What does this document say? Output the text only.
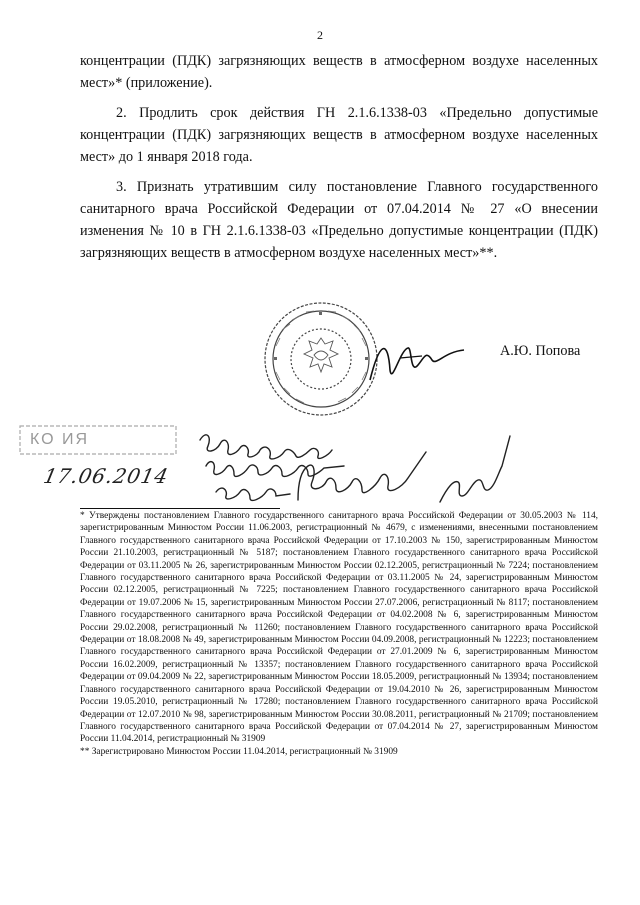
2

концентрации (ПДК) загрязняющих веществ в атмосферном воздухе населенных мест»* (приложение).

2. Продлить срок действия ГН 2.1.6.1338-03 «Предельно допустимые концентрации (ПДК) загрязняющих веществ в атмосферном воздухе населенных мест» до 1 января 2018 года.

3. Признать утратившим силу постановление Главного государственного санитарного врача Российской Федерации от 07.04.2014 № 27 «О внесении изменения № 10 в ГН 2.1.6.1338-03 «Предельно допустимые концентрации (ПДК) загрязняющих веществ в атмосферном воздухе населенных мест»**.

А.Ю. Попова
КО ИЯ
17.06.2014

* Утверждены постановлением Главного государственного санитарного врача Российской Федерации от 30.05.2003 № 114, зарегистрированным Минюстом России 11.06.2003, регистрационный № 4679, с изменениями, внесенными постановлением Главного государственного санитарного врача Российской Федерации от 17.10.2003 № 150, зарегистрированным Минюстом России 21.10.2003, регистрационный № 5187; постановлением Главного государственного санитарного врача Российской Федерации от 03.11.2005 № 26, зарегистрированным Минюстом России 02.12.2005, регистрационный № 7224; постановлением Главного государственного санитарного врача Российской Федерации от 03.11.2005 № 24, зарегистрированным Минюстом России 02.12.2005, регистрационный № 7225; постановлением Главного государственного санитарного врача Российской Федерации от 19.07.2006 № 15, зарегистрированным Минюстом России 27.07.2006, регистрационный № 8117; постановлением Главного государственного санитарного врача Российской Федерации от 04.02.2008 № 6, зарегистрированным Минюстом России 29.02.2008, регистрационный № 11260; постановлением Главного государственного санитарного врача Российской Федерации от 18.08.2008 № 49, зарегистрированным Минюстом России 04.09.2008, регистрационный № 12223; постановлением Главного государственного санитарного врача Российской Федерации от 27.01.2009 № 6, зарегистрированным Минюстом России 16.02.2009, регистрационный № 13357; постановлением Главного государственного санитарного врача Российской Федерации от 09.04.2009 № 22, зарегистрированным Минюстом России 18.05.2009, регистрационный № 13934; постановлением Главного государственного санитарного врача Российской Федерации от 19.04.2010 № 26, зарегистрированным Минюстом России 19.05.2010, регистрационный № 17280; постановлением Главного государственного санитарного врача Российской Федерации от 12.07.2010 № 98, зарегистрированным Минюстом России 30.08.2011, регистрационный № 21709; постановлением Главного государственного санитарного врача Российской Федерации от 07.04.2014 № 27, зарегистрированным Минюстом России 11.04.2014, регистрационный № 31909

** Зарегистрировано Минюстом России 11.04.2014, регистрационный № 31909
